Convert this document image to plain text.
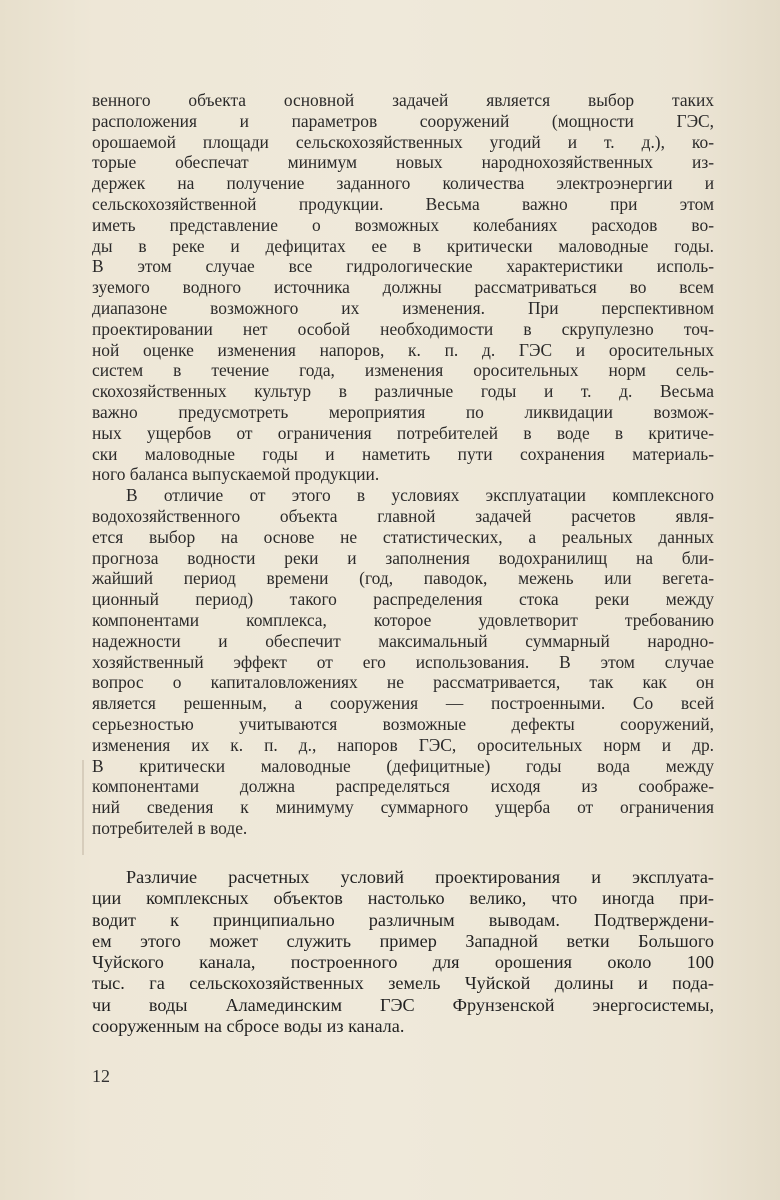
венного объекта основной задачей является выбор таких
расположения и параметров сооружений (мощности ГЭС,
орошаемой площади сельскохозяйственных угодий и т. д.), ко-
торые обеспечат минимум новых народнохозяйственных из-
держек на получение заданного количества электроэнергии и
сельскохозяйственной продукции. Весьма важно при этом
иметь представление о возможных колебаниях расходов во-
ды в реке и дефицитах ее в критически маловодные годы.
В этом случае все гидрологические характеристики исполь-
зуемого водного источника должны рассматриваться во всем
диапазоне возможного их изменения. При перспективном
проектировании нет особой необходимости в скрупулезно точ-
ной оценке изменения напоров, к. п. д. ГЭС и оросительных
систем в течение года, изменения оросительных норм сель-
скохозяйственных культур в различные годы и т. д. Весьма
важно предусмотреть мероприятия по ликвидации возмож-
ных ущербов от ограничения потребителей в воде в критиче-
ски маловодные годы и наметить пути сохранения материаль-
ного баланса выпускаемой продукции.
В отличие от этого в условиях эксплуатации комплексного
водохозяйственного объекта главной задачей расчетов явля-
ется выбор на основе не статистических, а реальных данных
прогноза водности реки и заполнения водохранилищ на бли-
жайший период времени (год, паводок, межень или вегета-
ционный период) такого распределения стока реки между
компонентами комплекса, которое удовлетворит требованию
надежности и обеспечит максимальный суммарный народно-
хозяйственный эффект от его использования. В этом случае
вопрос о капиталовложениях не рассматривается, так как он
является решенным, а сооружения — построенными. Со всей
серьезностью учитываются возможные дефекты сооружений,
изменения их к. п. д., напоров ГЭС, оросительных норм и др.
В критически маловодные (дефицитные) годы вода между
компонентами должна распределяться исходя из соображе-
ний сведения к минимуму суммарного ущерба от ограничения
потребителей в воде.
Различие расчетных условий проектирования и эксплуата-
ции комплексных объектов настолько велико, что иногда при-
водит к принципиально различным выводам. Подтверждени-
ем этого может служить пример Западной ветки Большого
Чуйского канала, построенного для орошения около 100
тыс. га сельскохозяйственных земель Чуйской долины и пода-
чи воды Аламединским ГЭС Фрунзенской энергосистемы,
сооруженным на сбросе воды из канала.
12
